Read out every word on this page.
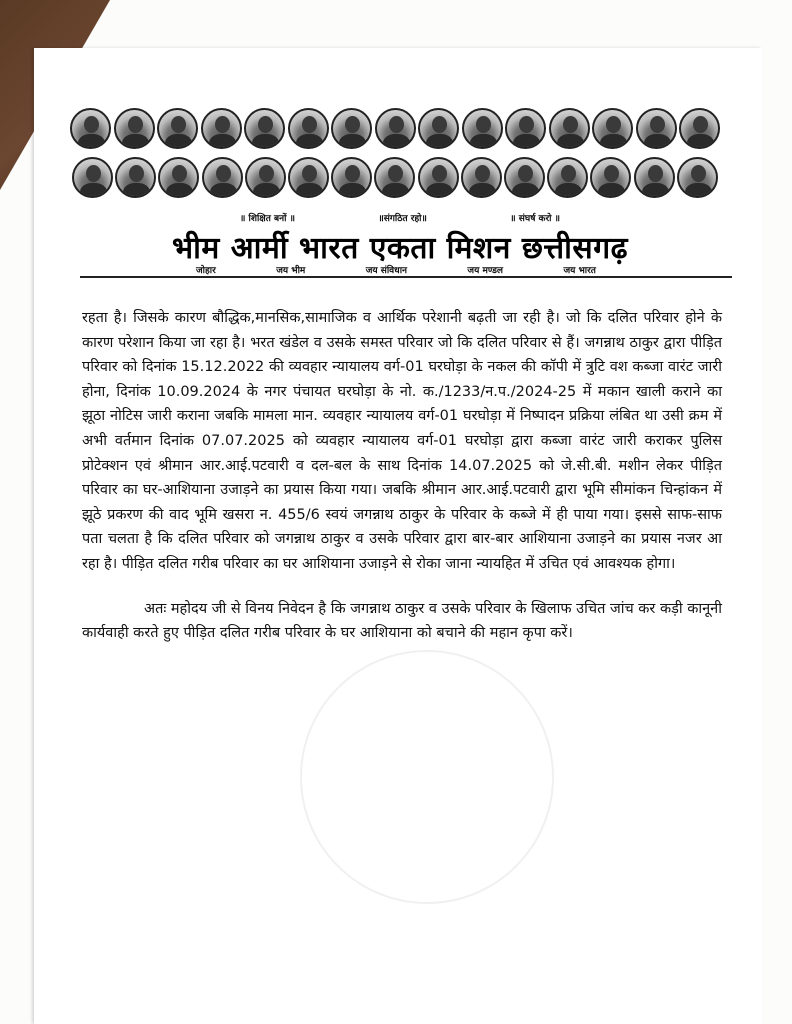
॥ शिक्षित बनों ॥	॥संगठित रहो॥	॥ संघर्ष करो ॥
भीम आर्मी भारत एकता मिशन छत्तीसगढ़
जोहार	जय भीम	जय संविधान	जय मण्डल	जय भारत

रहता है। जिसके कारण बौद्धिक,मानसिक,सामाजिक व आर्थिक परेशानी बढ़ती जा रही है। जो कि दलित परिवार होने के कारण परेशान किया जा रहा है। भरत खंडेल व उसके समस्त परिवार जो कि दलित परिवार से हैं। जगन्नाथ ठाकुर द्वारा पीड़ित परिवार को दिनांक 15.12.2022 की व्यवहार न्यायालय वर्ग-01 घरघोड़ा के नकल की कॉपी में त्रुटि वश कब्जा वारंट जारी होना, दिनांक 10.09.2024 के नगर पंचायत घरघोड़ा के नो. क./1233/न.प./2024-25 में मकान खाली कराने का झूठा नोटिस जारी कराना जबकि मामला मान. व्यवहार न्यायालय वर्ग-01 घरघोड़ा में निष्पादन प्रक्रिया लंबित था उसी क्रम में अभी वर्तमान दिनांक 07.07.2025 को व्यवहार न्यायालय वर्ग-01 घरघोड़ा द्वारा कब्जा वारंट जारी कराकर पुलिस प्रोटेक्शन एवं श्रीमान आर.आई.पटवारी व दल-बल के साथ दिनांक 14.07.2025 को जे.सी.बी. मशीन लेकर पीड़ित परिवार का घर-आशियाना उजाड़ने का प्रयास किया गया। जबकि श्रीमान आर.आई.पटवारी द्वारा भूमि सीमांकन चिन्हांकन में झूठे प्रकरण की वाद भूमि खसरा न. 455/6 स्वयं जगन्नाथ ठाकुर के परिवार के कब्जे में ही पाया गया। इससे साफ-साफ पता चलता है कि दलित परिवार को जगन्नाथ ठाकुर व उसके परिवार द्वारा बार-बार आशियाना उजाड़ने का प्रयास नजर आ रहा है। पीड़ित दलित गरीब परिवार का घर आशियाना उजाड़ने से रोका जाना न्यायहित में उचित एवं आवश्यक होगा।

अतः महोदय जी से विनय निवेदन है कि जगन्नाथ ठाकुर व उसके परिवार के खिलाफ उचित जांच कर कड़ी कानूनी कार्यवाही करते हुए पीड़ित दलित गरीब परिवार के घर आशियाना को बचाने की महान कृपा करें।
